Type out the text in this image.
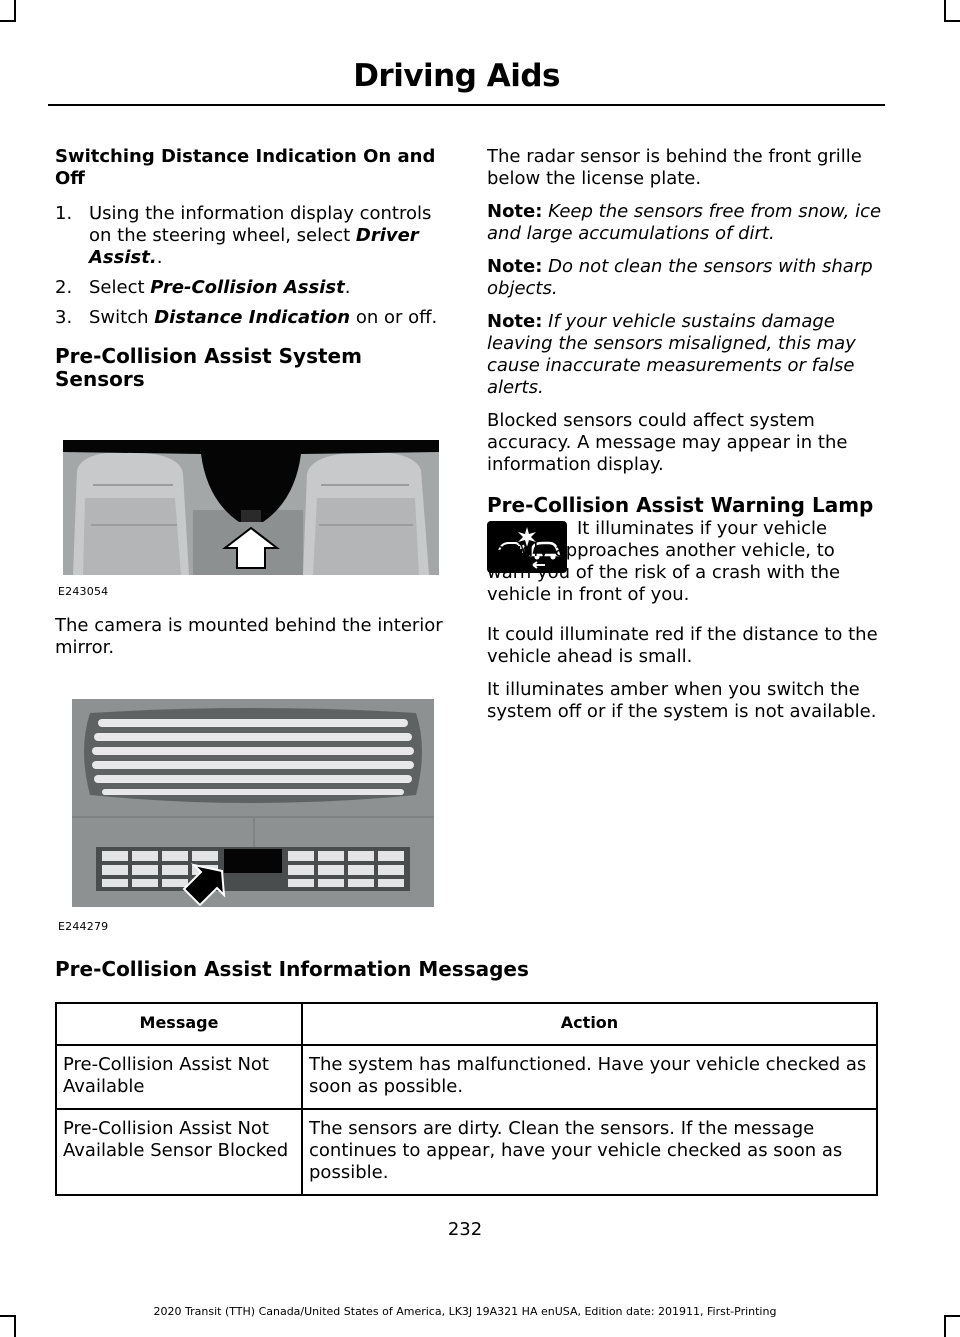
Driving Aids
Switching Distance Indication On and Off
1. Using the information display controls on the steering wheel, select Driver Assist..
2. Select Pre-Collision Assist.
3. Switch Distance Indication on or off.
Pre-Collision Assist System Sensors
E243054

The camera is mounted behind the interior mirror.

E244279

The radar sensor is behind the front grille below the license plate.

Note: Keep the sensors free from snow, ice and large accumulations of dirt.

Note: Do not clean the sensors with sharp objects.

Note: If your vehicle sustains damage leaving the sensors misaligned, this may cause inaccurate measurements or false alerts.

Blocked sensors could affect system accuracy. A message may appear in the information display.

Pre-Collision Assist Warning Lamp

It illuminates if your vehicle rapidly approaches another vehicle, to warn you of the risk of a crash with the vehicle in front of you.

It could illuminate red if the distance to the vehicle ahead is small.

It illuminates amber when you switch the system off or if the system is not available.

Pre-Collision Assist Information Messages
Message	Action
Pre-Collision Assist Not Available	The system has malfunctioned. Have your vehicle checked as soon as possible.
Pre-Collision Assist Not Available Sensor Blocked	The sensors are dirty. Clean the sensors. If the message continues to appear, have your vehicle checked as soon as possible.
232
2020 Transit (TTH) Canada/United States of America, LK3J 19A321 HA enUSA, Edition date: 201911, First-Printing
